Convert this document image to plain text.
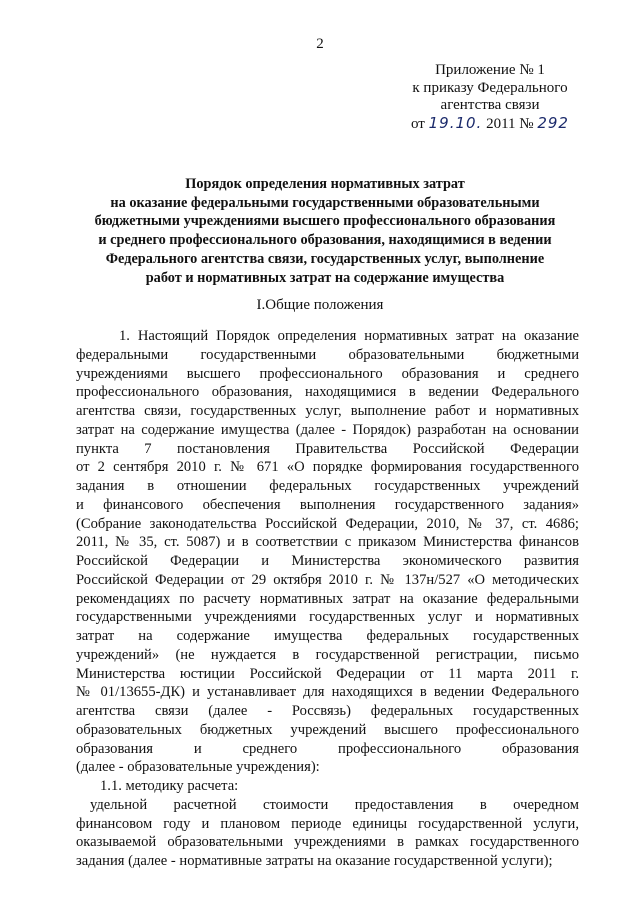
2
Приложение № 1
к приказу Федерального
агентства связи
от 19.10. 2011 № 292
Порядок определения нормативных затрат
на оказание федеральными государственными образовательными
бюджетными учреждениями высшего профессионального образования
и среднего профессионального образования, находящимися в ведении
Федерального агентства связи, государственных услуг, выполнение
работ и нормативных затрат на содержание имущества
I.Общие положения
1. Настоящий Порядок определения нормативных затрат на оказание
федеральными государственными образовательными бюджетными
учреждениями высшего профессионального образования и среднего
профессионального образования, находящимися в ведении Федерального
агентства связи, государственных услуг, выполнение работ и нормативных
затрат на содержание имущества (далее - Порядок) разработан на основании
пункта 7 постановления Правительства Российской Федерации
от 2 сентября 2010 г. № 671 «О порядке формирования государственного
задания в отношении федеральных государственных учреждений
и финансового обеспечения выполнения государственного задания»
(Собрание законодательства Российской Федерации, 2010, № 37, ст. 4686;
2011, № 35, ст. 5087) и в соответствии с приказом Министерства финансов
Российской Федерации и Министерства экономического развития
Российской Федерации от 29 октября 2010 г. № 137н/527 «О методических
рекомендациях по расчету нормативных затрат на оказание федеральными
государственными учреждениями государственных услуг и нормативных
затрат на содержание имущества федеральных государственных
учреждений» (не нуждается в государственной регистрации, письмо
Министерства юстиции Российской Федерации от 11 марта 2011 г.
№ 01/13655-ДК) и устанавливает для находящихся в ведении Федерального
агентства связи (далее - Россвязь) федеральных государственных
образовательных бюджетных учреждений высшего профессионального
образования и среднего профессионального образования
(далее - образовательные учреждения):
1.1. методику расчета:
удельной расчетной стоимости предоставления в очередном
финансовом году и плановом периоде единицы государственной услуги,
оказываемой образовательными учреждениями в рамках государственного
задания (далее - нормативные затраты на оказание государственной услуги);
